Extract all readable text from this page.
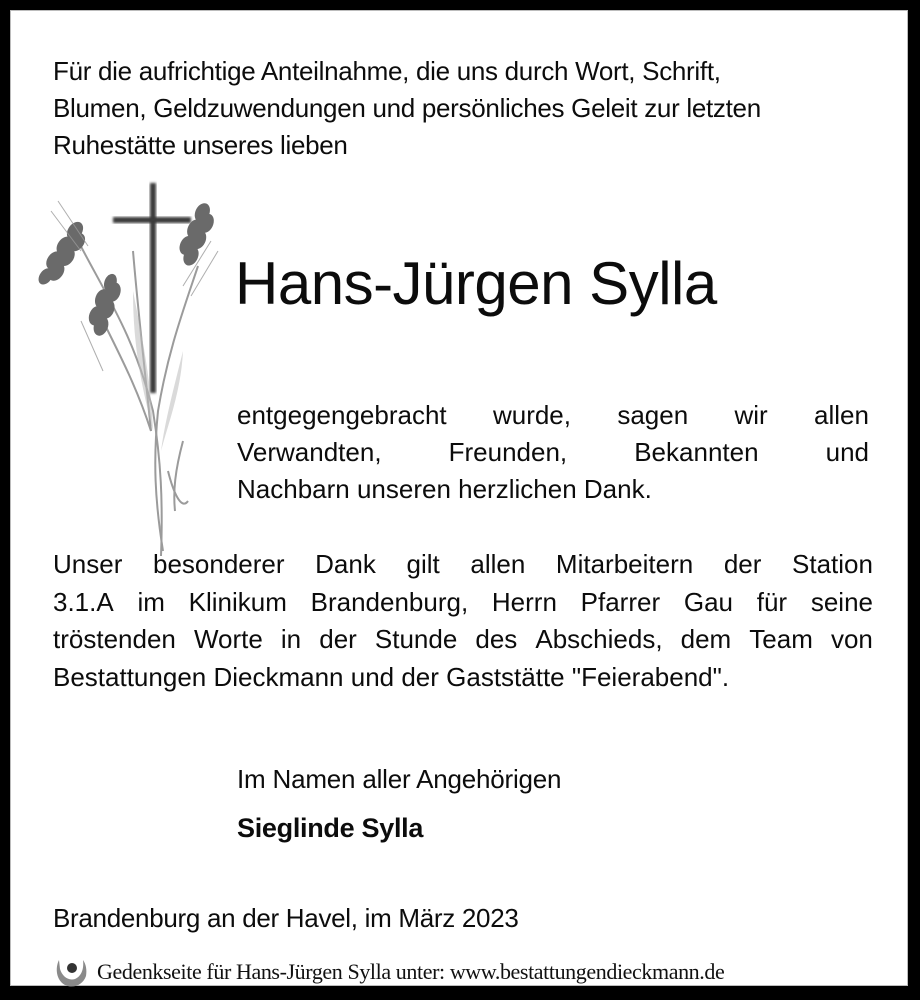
Für die aufrichtige Anteilnahme, die uns durch Wort, Schrift,
Blumen, Geldzuwendungen und persönliches Geleit zur letzten
Ruhestätte unseres lieben

Hans-Jürgen Sylla
entgegengebracht wurde, sagen wir allen
Verwandten,	Freunden,	Bekannten	und
Nachbarn unseren herzlichen Dank.
Unser besonderer Dank gilt allen Mitarbeitern der Station
3.1.A im Klinikum Brandenburg, Herrn Pfarrer Gau für seine
tröstenden Worte in der Stunde des Abschieds, dem Team von
Bestattungen Dieckmann und der Gaststätte "Feierabend".

Im Namen aller Angehörigen

Sieglinde Sylla

Brandenburg an der Havel, im März 2023

Gedenkseite für Hans-Jürgen Sylla unter: www.bestattungendieckmann.de
